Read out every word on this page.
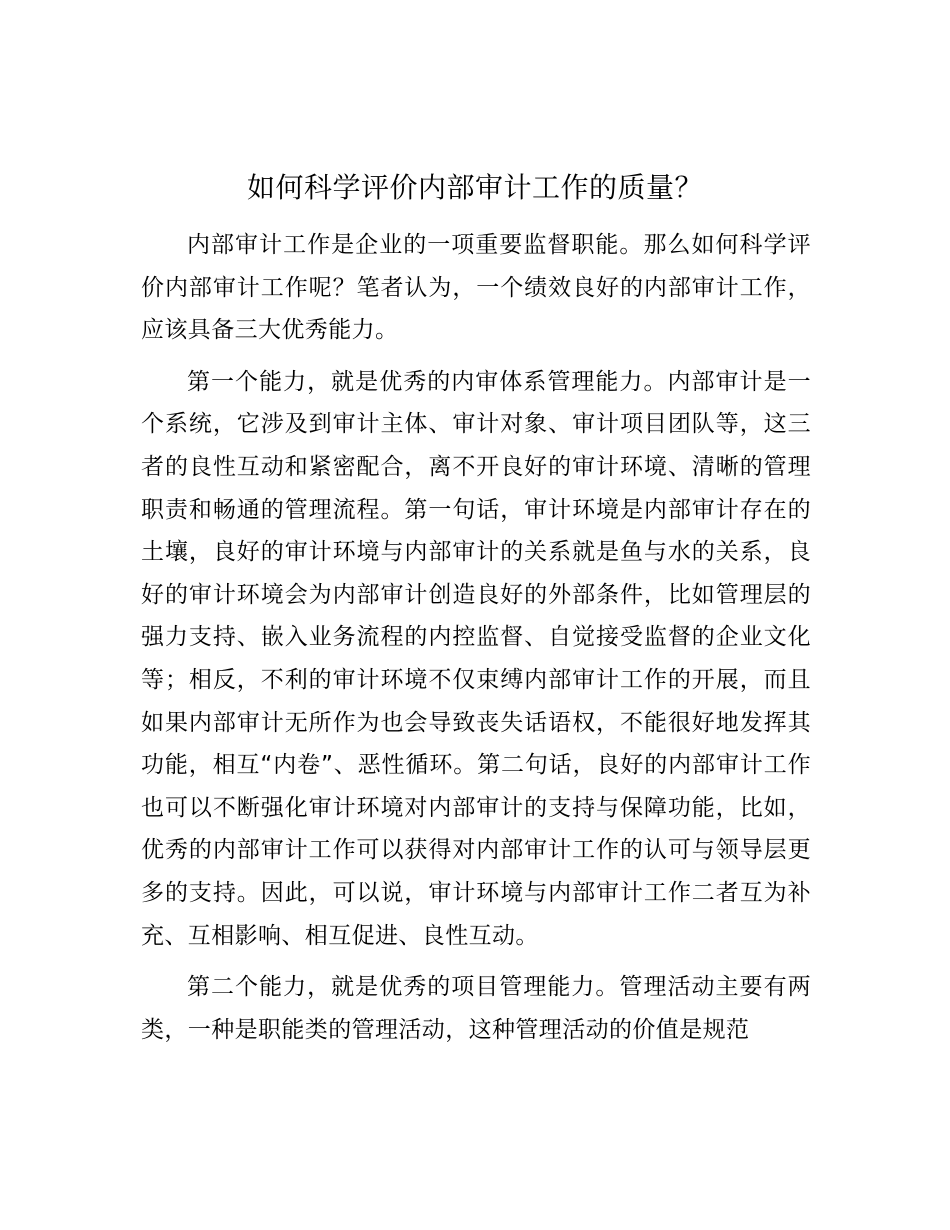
如何科学评价内部审计工作的质量？

内部审计工作是企业的一项重要监督职能。那么如何科学评价内部审计工作呢？笔者认为，一个绩效良好的内部审计工作，应该具备三大优秀能力。

第一个能力，就是优秀的内审体系管理能力。内部审计是一个系统，它涉及到审计主体、审计对象、审计项目团队等，这三者的良性互动和紧密配合，离不开良好的审计环境、清晰的管理职责和畅通的管理流程。第一句话，审计环境是内部审计存在的土壤，良好的审计环境与内部审计的关系就是鱼与水的关系，良好的审计环境会为内部审计创造良好的外部条件，比如管理层的强力支持、嵌入业务流程的内控监督、自觉接受监督的企业文化等；相反，不利的审计环境不仅束缚内部审计工作的开展，而且如果内部审计无所作为也会导致丧失话语权，不能很好地发挥其功能，相互“内卷”、恶性循环。第二句话，良好的内部审计工作也可以不断强化审计环境对内部审计的支持与保障功能，比如，优秀的内部审计工作可以获得对内部审计工作的认可与领导层更多的支持。因此，可以说，审计环境与内部审计工作二者互为补充、互相影响、相互促进、良性互动。

第二个能力，就是优秀的项目管理能力。管理活动主要有两类，一种是职能类的管理活动，这种管理活动的价值是规范
